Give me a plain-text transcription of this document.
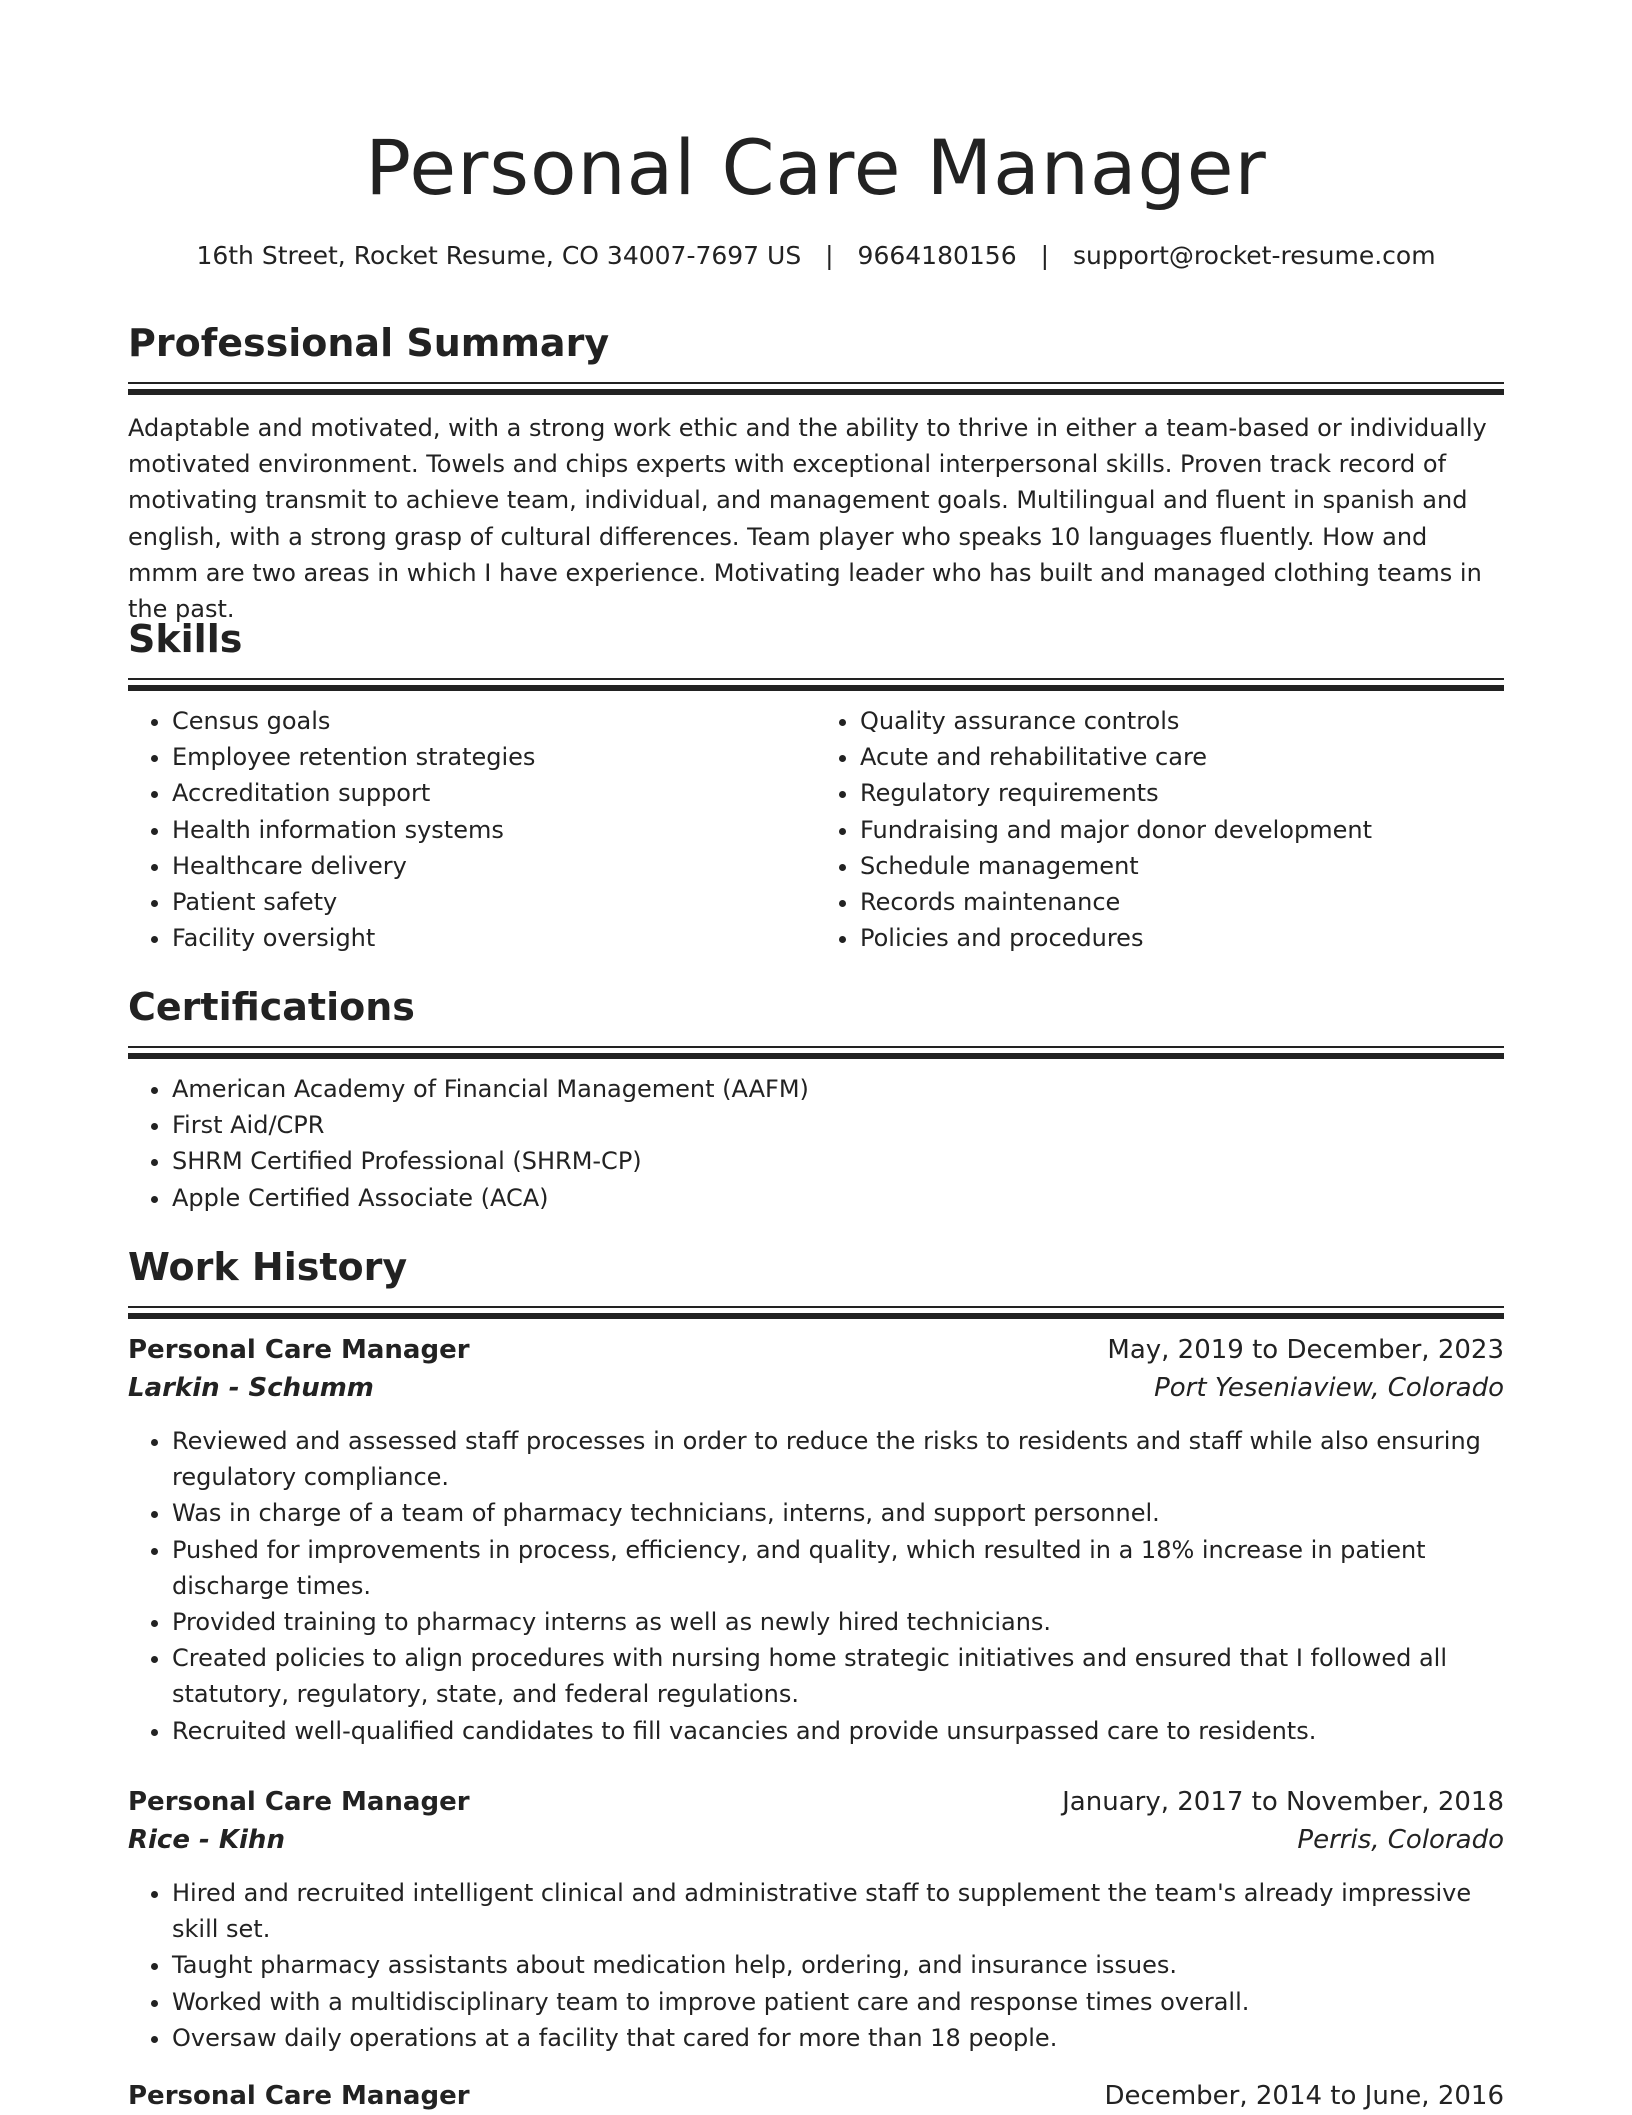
Personal Care Manager
16th Street, Rocket Resume, CO 34007-7697 US | 9664180156 | support@rocket-resume.com
Professional Summary

Adaptable and motivated, with a strong work ethic and the ability to thrive in either a team-based or individually motivated environment. Towels and chips experts with exceptional interpersonal skills. Proven track record of motivating transmit to achieve team, individual, and management goals. Multilingual and fluent in spanish and english, with a strong grasp of cultural differences. Team player who speaks 10 languages fluently. How and mmm are two areas in which I have experience. Motivating leader who has built and managed clothing teams in the past.

Skills
• Census goals
• Employee retention strategies
• Accreditation support
• Health information systems
• Healthcare delivery
• Patient safety
• Facility oversight
• Quality assurance controls
• Acute and rehabilitative care
• Regulatory requirements
• Fundraising and major donor development
• Schedule management
• Records maintenance
• Policies and procedures
Certifications
• American Academy of Financial Management (AAFM)
• First Aid/CPR
• SHRM Certified Professional (SHRM-CP)
• Apple Certified Associate (ACA)
Work History
Personal Care Manager	May, 2019 to December, 2023
Larkin - Schumm	Port Yeseniaview, Colorado
• Reviewed and assessed staff processes in order to reduce the risks to residents and staff while also ensuring regulatory compliance.
• Was in charge of a team of pharmacy technicians, interns, and support personnel.
• Pushed for improvements in process, efficiency, and quality, which resulted in a 18% increase in patient discharge times.
• Provided training to pharmacy interns as well as newly hired technicians.
• Created policies to align procedures with nursing home strategic initiatives and ensured that I followed all statutory, regulatory, state, and federal regulations.
• Recruited well-qualified candidates to fill vacancies and provide unsurpassed care to residents.
Personal Care Manager	January, 2017 to November, 2018
Rice - Kihn	Perris, Colorado
• Hired and recruited intelligent clinical and administrative staff to supplement the team's already impressive skill set.
• Taught pharmacy assistants about medication help, ordering, and insurance issues.
• Worked with a multidisciplinary team to improve patient care and response times overall.
• Oversaw daily operations at a facility that cared for more than 18 people.
Personal Care Manager	December, 2014 to June, 2016
